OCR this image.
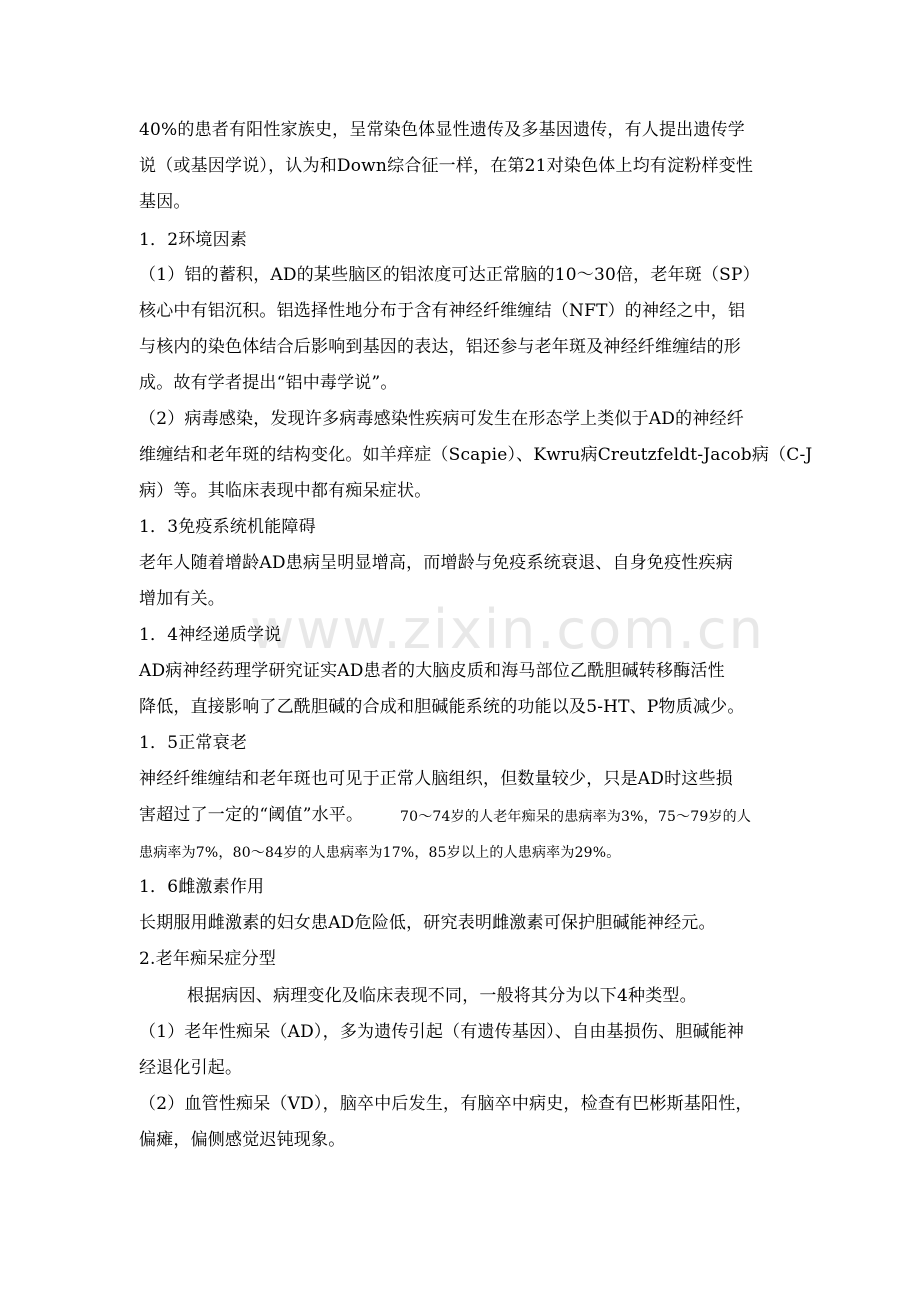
www.zixin.com.cn
40%的患者有阳性家族史，呈常染色体显性遗传及多基因遗传，有人提出遗传学
说（或基因学说），认为和Down综合征一样，在第21对染色体上均有淀粉样变性
基因。
1．2环境因素
（1）铝的蓄积，AD的某些脑区的铝浓度可达正常脑的10～30倍，老年斑（SP）
核心中有铝沉积。铝选择性地分布于含有神经纤维缠结（NFT）的神经之中，铝
与核内的染色体结合后影响到基因的表达，铝还参与老年斑及神经纤维缠结的形
成。故有学者提出“铝中毒学说”。
（2）病毒感染，发现许多病毒感染性疾病可发生在形态学上类似于AD的神经纤
维缠结和老年斑的结构变化。如羊痒症（Scapie）、Kwru病Creutzfeldt-Jacob病（C-J
病）等。其临床表现中都有痴呆症状。
1．3免疫系统机能障碍
老年人随着增龄AD患病呈明显增高，而增龄与免疫系统衰退、自身免疫性疾病
增加有关。
1．4神经递质学说
AD病神经药理学研究证实AD患者的大脑皮质和海马部位乙酰胆碱转移酶活性
降低，直接影响了乙酰胆碱的合成和胆碱能系统的功能以及5-HT、P物质减少。
1．5正常衰老
神经纤维缠结和老年斑也可见于正常人脑组织，但数量较少，只是AD时这些损
害超过了一定的“阈值”水平。	70～74岁的人老年痴呆的患病率为3%，75～79岁的人
患病率为7%，80～84岁的人患病率为17%，85岁以上的人患病率为29%。
1．6雌激素作用
长期服用雌激素的妇女患AD危险低，研究表明雌激素可保护胆碱能神经元。
2.老年痴呆症分型
根据病因、病理变化及临床表现不同，一般将其分为以下4种类型。
（1）老年性痴呆（AD），多为遗传引起（有遗传基因）、自由基损伤、胆碱能神
经退化引起。
（2）血管性痴呆（VD），脑卒中后发生，有脑卒中病史，检查有巴彬斯基阳性，
偏瘫，偏侧感觉迟钝现象。
